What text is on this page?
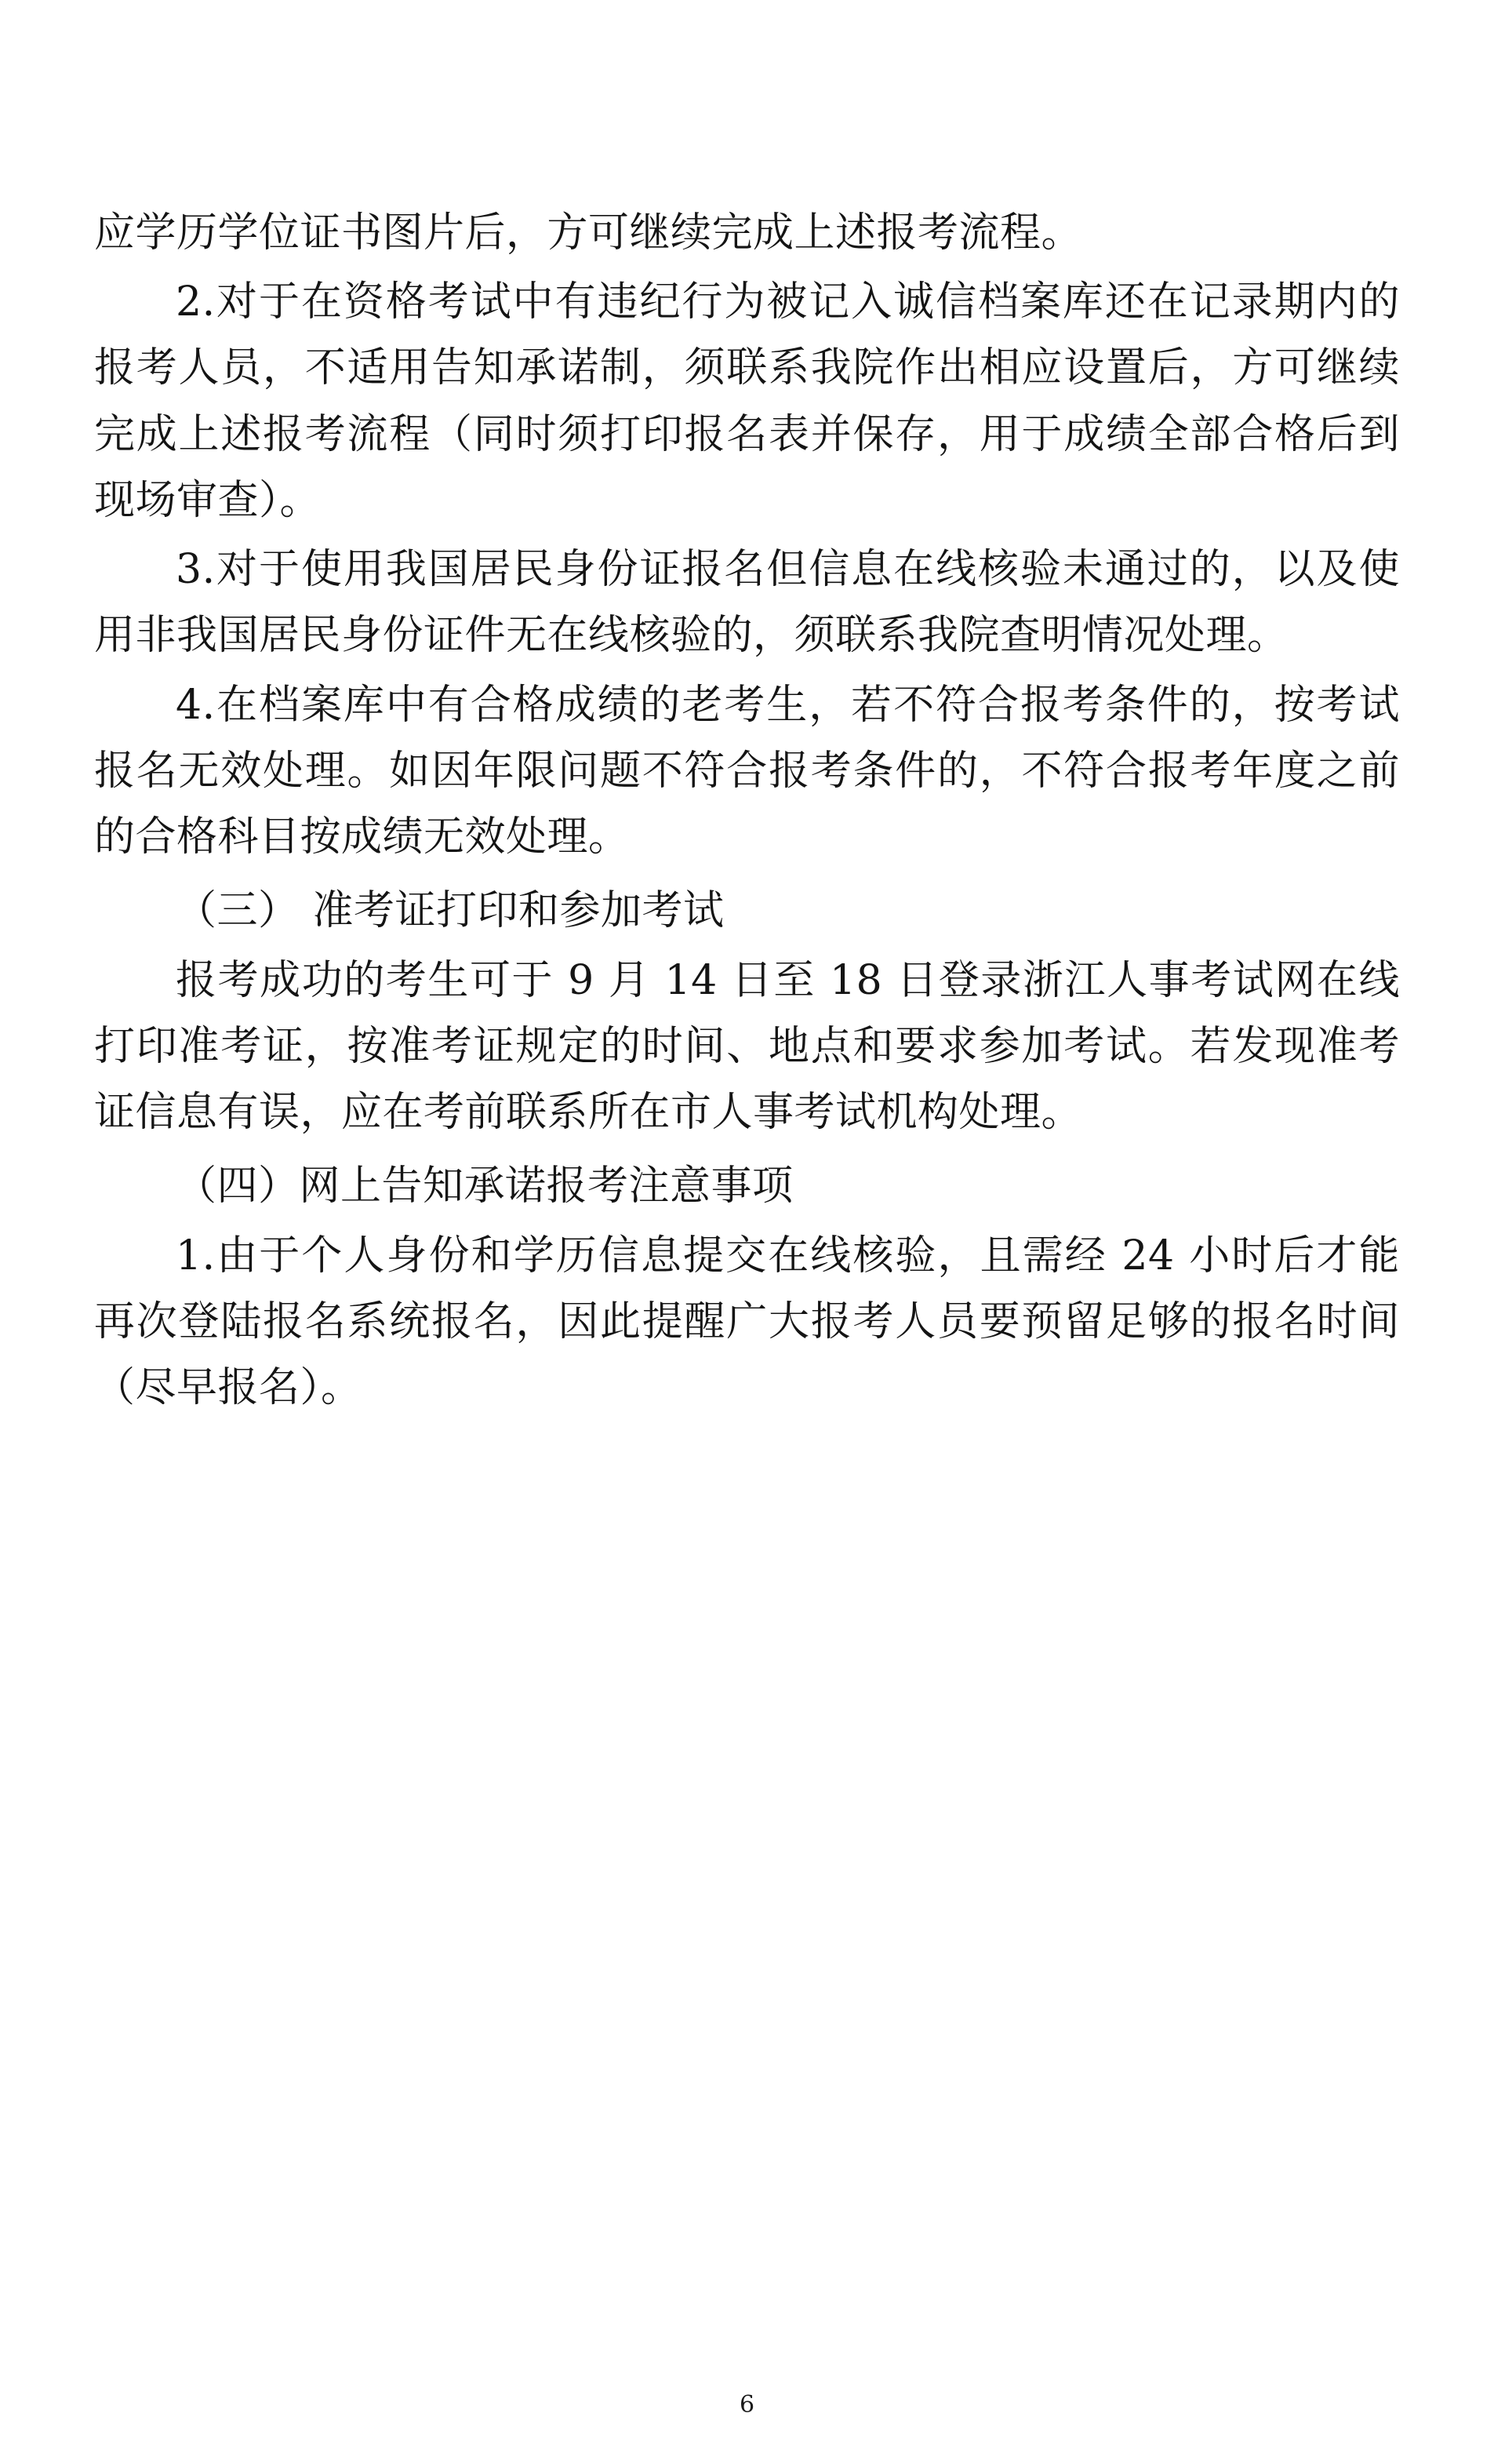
应学历学位证书图片后，方可继续完成上述报考流程。

2.对于在资格考试中有违纪行为被记入诚信档案库还在记录期内的报考人员，不适用告知承诺制，须联系我院作出相应设置后，方可继续完成上述报考流程（同时须打印报名表并保存，用于成绩全部合格后到现场审查）。

3.对于使用我国居民身份证报名但信息在线核验未通过的，以及使用非我国居民身份证件无在线核验的，须联系我院查明情况处理。

4.在档案库中有合格成绩的老考生，若不符合报考条件的，按考试报名无效处理。如因年限问题不符合报考条件的，不符合报考年度之前的合格科目按成绩无效处理。

（三） 准考证打印和参加考试

报考成功的考生可于 9 月 14 日至 18 日登录浙江人事考试网在线打印准考证，按准考证规定的时间、地点和要求参加考试。若发现准考证信息有误，应在考前联系所在市人事考试机构处理。

（四）网上告知承诺报考注意事项

1.由于个人身份和学历信息提交在线核验，且需经 24 小时后才能再次登陆报名系统报名，因此提醒广大报考人员要预留足够的报名时间（尽早报名）。

6
